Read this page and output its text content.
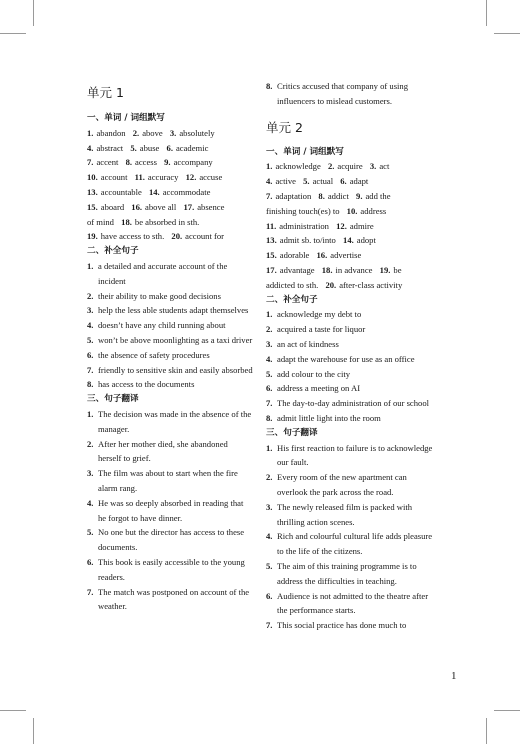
单元 1
一、单词 / 词组默写
1. abandon 2. above 3. absolutely
4. abstract 5. abuse 6. academic
7. accent 8. access 9. accompany
10. account 11. accuracy 12. accuse
13. accountable 14. accommodate
15. aboard 16. above all 17. absence
of mind 18. be absorbed in sth.
19. have access to sth. 20. account for
二、补全句子
1. a detailed and accurate account of the incident
2. their ability to make good decisions
3. help the less able students adapt themselves
4. doesn’t have any child running about
5. won’t be above moonlighting as a taxi driver
6. the absence of safety procedures
7. friendly to sensitive skin and easily absorbed
8. has access to the documents
三、句子翻译
1. The decision was made in the absence of the manager.
2. After her mother died, she abandoned herself to grief.
3. The film was about to start when the fire alarm rang.
4. He was so deeply absorbed in reading that he forgot to have dinner.
5. No one but the director has access to these documents.
6. This book is easily accessible to the young readers.
7. The match was postponed on account of the weather.
8. Critics accused that company of using influencers to mislead customers.
单元 2
一、单词 / 词组默写
1. acknowledge 2. acquire 3. act
4. active 5. actual 6. adapt
7. adaptation 8. addict 9. add the
finishing touch(es) to 10. address
11. administration 12. admire
13. admit sb. to/into 14. adopt
15. adorable 16. advertise
17. advantage 18. in advance 19. be
addicted to sth. 20. after-class activity
二、补全句子
1. acknowledge my debt to
2. acquired a taste for liquor
3. an act of kindness
4. adapt the warehouse for use as an office
5. add colour to the city
6. address a meeting on AI
7. The day-to-day administration of our school
8. admit little light into the room
三、句子翻译
1. His first reaction to failure is to acknowledge our fault.
2. Every room of the new apartment can overlook the park across the road.
3. The newly released film is packed with thrilling action scenes.
4. Rich and colourful cultural life adds pleasure to the life of the citizens.
5. The aim of this training programme is to address the difficulties in teaching.
6. Audience is not admitted to the theatre after the performance starts.
7. This social practice has done much to
1
